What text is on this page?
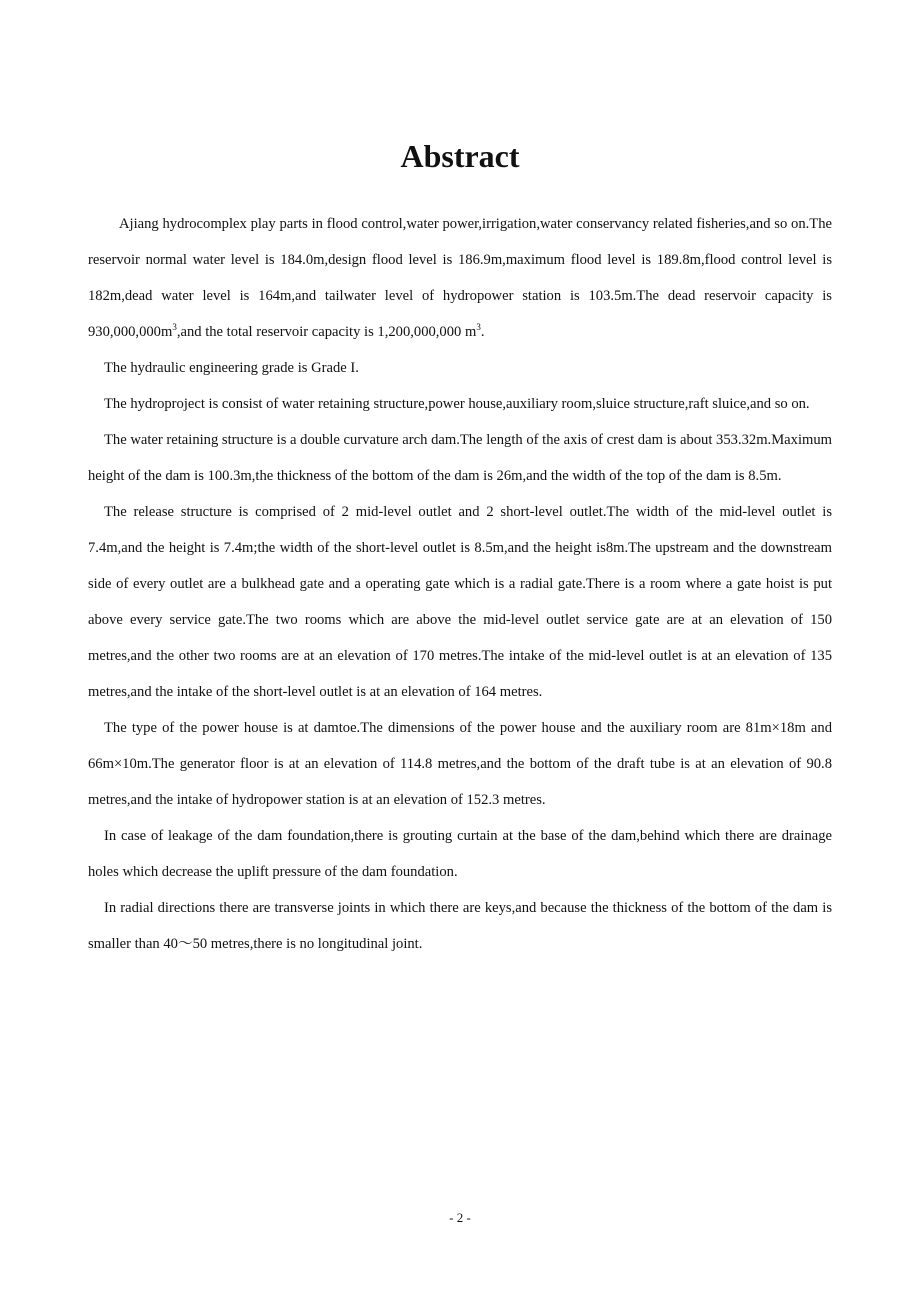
Abstract

Ajiang hydrocomplex play parts in flood control,water power,irrigation,water conservancy related fisheries,and so on.The reservoir normal water level is 184.0m,design flood level is 186.9m,maximum flood level is 189.8m,flood control level is 182m,dead water level is 164m,and tailwater level of hydropower station is 103.5m.The dead reservoir capacity is $930,000,000m^3,and$ the total reservoir capacity is 1,200,000,000 $m^3$.

The hydraulic engineering grade is Grade I.

The hydroproject is consist of water retaining structure,power house,auxiliary room,sluice structure,raft sluice,and so on.

The water retaining structure is a double curvature arch dam.The length of the axis of crest dam is about 353.32m.Maximum height of the dam is 100.3m,the thickness of the bottom of the dam is 26m,and the width of the top of the dam is 8.5m.

The release structure is comprised of 2 mid-level outlet and 2 short-level outlet.The width of the mid-level outlet is 7.4m,and the height is 7.4m;the width of the short-level outlet is 8.5m,and the height is8m.The upstream and the downstream side of every outlet are a bulkhead gate and a operating gate which is a radial gate.There is a room where a gate hoist is put above every service gate.The two rooms which are above the mid-level outlet service gate are at an elevation of 150 metres,and the other two rooms are at an elevation of 170 metres.The intake of the mid-level outlet is at an elevation of 135 metres,and the intake of the short-level outlet is at an elevation of 164 metres.

The type of the power house is at damtoe.The dimensions of the power house and the auxiliary room are 81m×18m and 66m×10m.The generator floor is at an elevation of 114.8 metres,and the bottom of the draft tube is at an elevation of 90.8 metres,and the intake of hydropower station is at an elevation of 152.3 metres.

In case of leakage of the dam foundation,there is grouting curtain at the base of the dam,behind which there are drainage holes which decrease the uplift pressure of the dam foundation.

In radial directions there are transverse joints in which there are keys,and because the thickness of the bottom of the dam is smaller than 40～50 metres,there is no longitudinal joint.

- 2 -
